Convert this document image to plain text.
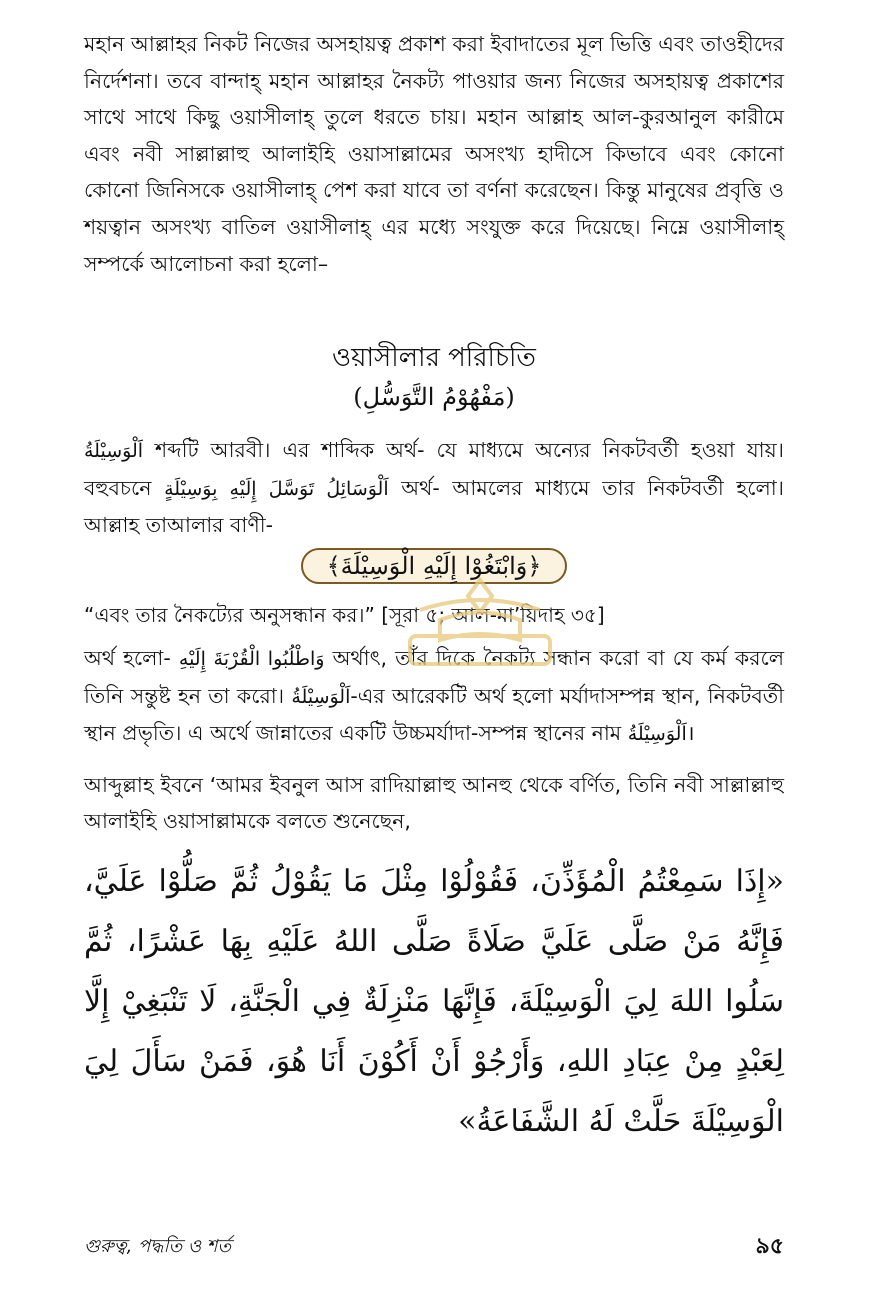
মহান আল্লাহর নিকট নিজের অসহায়ত্ব প্রকাশ করা ইবাদাতের মূল ভিত্তি এবং তাওহীদের নির্দেশনা। তবে বান্দাহ্ মহান আল্লাহর নৈকট্য পাওয়ার জন্য নিজের অসহায়ত্ব প্রকাশের সাথে সাথে কিছু ওয়াসীলাহ্ তুলে ধরতে চায়। মহান আল্লাহ আল-কুরআনুল কারীমে এবং নবী সাল্লাল্লাহু আলাইহি ওয়াসাল্লামের অসংখ্য হাদীসে কিভাবে এবং কোনো কোনো জিনিসকে ওয়াসীলাহ্ পেশ করা যাবে তা বর্ণনা করেছেন। কিন্তু মানুষের প্রবৃত্তি ও শয়ত্বান অসংখ্য বাতিল ওয়াসীলাহ্ এর মধ্যে সংযুক্ত করে দিয়েছে। নিম্নে ওয়াসীলাহ্ সম্পর্কে আলোচনা করা হলো–

ওয়াসীলার পরিচিতি
(مَفْهُوْمُ التَّوَسُّلِ)

اَلْوَسِيْلَةُ শব্দটি আরবী। এর শাব্দিক অর্থ- যে মাধ্যমে অন্যের নিকটবর্তী হওয়া যায়। বহুবচনে اَلْوَسَائِلُ تَوَسَّلَ إِلَيْهِ بِوَسِيْلَةٍ অর্থ- আমলের মাধ্যমে তার নিকটবর্তী হলো। আল্লাহ তাআলার বাণী-

﴿وَابْتَغُوْا إِلَيْهِ الْوَسِيْلَةَ﴾

“এবং তার নৈকট্যের অনুসন্ধান কর।” [সূরা ৫; আল-মা’য়িদাহ ৩৫]

অর্থ হলো- وَاطْلُبُوا الْقُرْبَةَ إِلَيْهِ অর্থাৎ, তাঁর দিকে নৈকট্য সন্ধান করো বা যে কর্ম করলে তিনি সন্তুষ্ট হন তা করো। اَلْوَسِيْلَةُ-এর আরেকটি অর্থ হলো মর্যাদাসম্পন্ন স্থান, নিকটবর্তী স্থান প্রভৃতি। এ অর্থে জান্নাতের একটি উচ্চমর্যাদা-সম্পন্ন স্থানের নাম اَلْوَسِيْلَةُ।

আব্দুল্লাহ ইবনে ‘আমর ইবনুল আস রাদিয়াল্লাহু আনহু থেকে বর্ণিত, তিনি নবী সাল্লাল্লাহু আলাইহি ওয়াসাল্লামকে বলতে শুনেছেন,

«إِذَا سَمِعْتُمُ الْمُؤَذِّنَ، فَقُوْلُوْا مِثْلَ مَا يَقُوْلُ ثُمَّ صَلُّوْا عَلَيَّ، فَإِنَّهُ مَنْ صَلَّى عَلَيَّ صَلَاةً صَلَّى اللهُ عَلَيْهِ بِهَا عَشْرًا، ثُمَّ سَلُوا اللهَ لِيَ الْوَسِيْلَةَ، فَإِنَّهَا مَنْزِلَةٌ فِي الْجَنَّةِ، لَا تَنْبَغِيْ إِلَّا لِعَبْدٍ مِنْ عِبَادِ اللهِ، وَأَرْجُوْ أَنْ أَكُوْنَ أَنَا هُوَ، فَمَنْ سَأَلَ لِيَ الْوَسِيْلَةَ حَلَّتْ لَهُ الشَّفَاعَةُ»
গুরুত্ব, পদ্ধতি ও শর্ত	৯৫
